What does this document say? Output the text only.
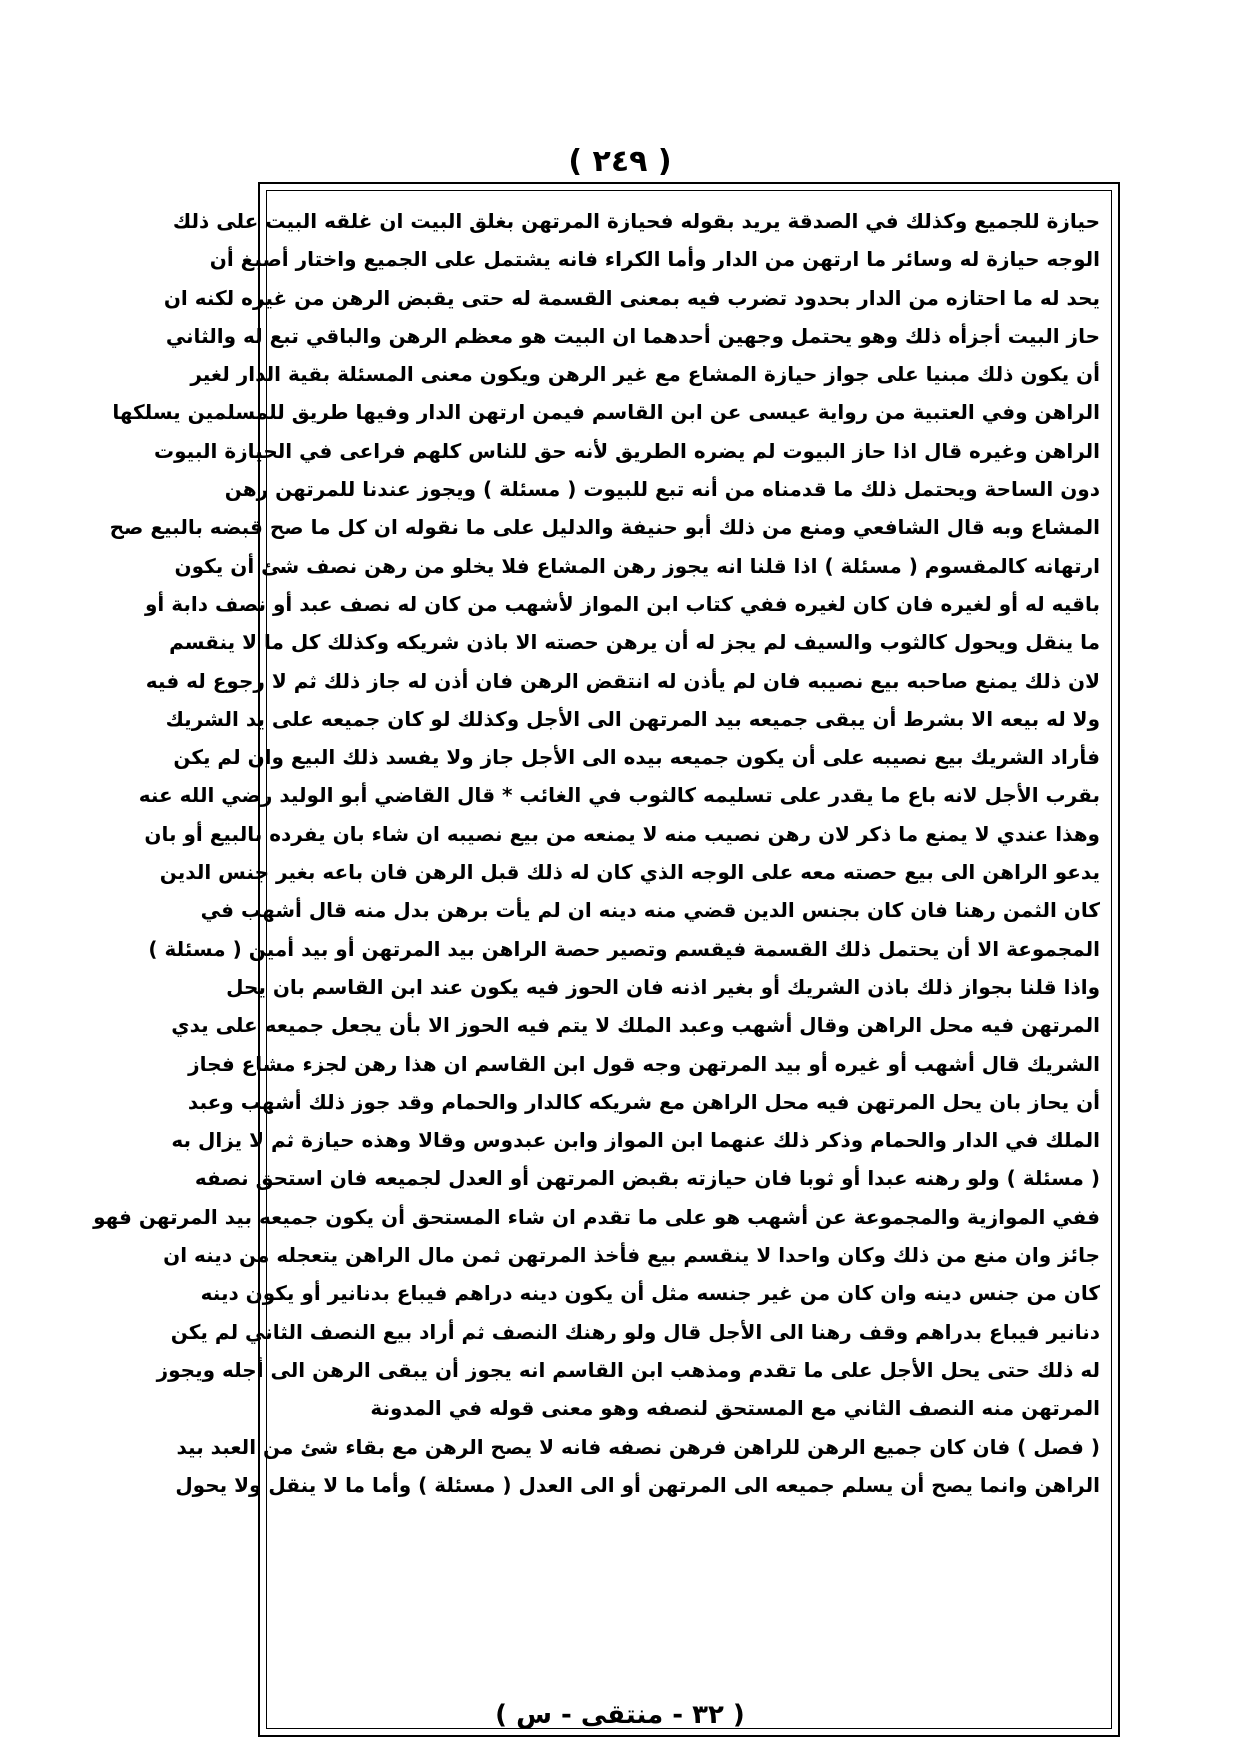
( ٢٤٩ )
حيازة للجميع وكذلك في الصدقة يريد بقوله فحيازة المرتهن بغلق البيت ان غلقه البيت على ذلك
الوجه حيازة له وسائر ما ارتهن من الدار وأما الكراء فانه يشتمل على الجميع واختار أصبغ أن
يحد له ما احتازه من الدار بحدود تضرب فيه بمعنى القسمة له حتى يقبض الرهن من غيره لكنه ان
حاز البيت أجزأه ذلك وهو يحتمل وجهين أحدهما ان البيت هو معظم الرهن والباقي تبع له والثاني
أن يكون ذلك مبنيا على جواز حيازة المشاع مع غير الرهن ويكون معنى المسئلة بقية الدار لغير
الراهن وفي العتبية من رواية عيسى عن ابن القاسم فيمن ارتهن الدار وفيها طريق للمسلمين يسلكها
الراهن وغيره قال اذا حاز البيوت لم يضره الطريق لأنه حق للناس كلهم فراعى في الحيازة البيوت
دون الساحة ويحتمل ذلك ما قدمناه من أنه تبع للبيوت ( مسئلة ) ويجوز عندنا للمرتهن رهن
المشاع وبه قال الشافعي ومنع من ذلك أبو حنيفة والدليل على ما نقوله ان كل ما صح قبضه بالبيع صح
ارتهانه كالمقسوم ( مسئلة ) اذا قلنا انه يجوز رهن المشاع فلا يخلو من رهن نصف شئ أن يكون
باقيه له أو لغيره فان كان لغيره ففي كتاب ابن المواز لأشهب من كان له نصف عبد أو نصف دابة أو
ما ينقل ويحول كالثوب والسيف لم يجز له أن يرهن حصته الا باذن شريكه وكذلك كل ما لا ينقسم
لان ذلك يمنع صاحبه بيع نصيبه فان لم يأذن له انتقض الرهن فان أذن له جاز ذلك ثم لا رجوع له فيه
ولا له بيعه الا بشرط أن يبقى جميعه بيد المرتهن الى الأجل وكذلك لو كان جميعه على يد الشريك
فأراد الشريك بيع نصيبه على أن يكون جميعه بيده الى الأجل جاز ولا يفسد ذلك البيع وان لم يكن
بقرب الأجل لانه باع ما يقدر على تسليمه كالثوب في الغائب * قال القاضي أبو الوليد رضي الله عنه
وهذا عندي لا يمنع ما ذكر لان رهن نصيب منه لا يمنعه من بيع نصيبه ان شاء بان يفرده بالبيع أو بان
يدعو الراهن الى بيع حصته معه على الوجه الذي كان له ذلك قبل الرهن فان باعه بغير جنس الدين
كان الثمن رهنا فان كان بجنس الدين قضي منه دينه ان لم يأت برهن بدل منه قال أشهب في
المجموعة الا أن يحتمل ذلك القسمة فيقسم وتصير حصة الراهن بيد المرتهن أو بيد أمين ( مسئلة )
واذا قلنا بجواز ذلك باذن الشريك أو بغير اذنه فان الحوز فيه يكون عند ابن القاسم بان يحل
المرتهن فيه محل الراهن وقال أشهب وعبد الملك لا يتم فيه الحوز الا بأن يجعل جميعه على يدي
الشريك قال أشهب أو غيره أو بيد المرتهن وجه قول ابن القاسم ان هذا رهن لجزء مشاع فجاز
أن يحاز بان يحل المرتهن فيه محل الراهن مع شريكه كالدار والحمام وقد جوز ذلك أشهب وعبد
الملك في الدار والحمام وذكر ذلك عنهما ابن المواز وابن عبدوس وقالا وهذه حيازة ثم لا يزال به
( مسئلة ) ولو رهنه عبدا أو ثوبا فان حيازته بقبض المرتهن أو العدل لجميعه فان استحق نصفه
ففي الموازية والمجموعة عن أشهب هو على ما تقدم ان شاء المستحق أن يكون جميعه بيد المرتهن فهو
جائز وان منع من ذلك وكان واحدا لا ينقسم بيع فأخذ المرتهن ثمن مال الراهن يتعجله من دينه ان
كان من جنس دينه وان كان من غير جنسه مثل أن يكون دينه دراهم فيباع بدنانير أو يكون دينه
دنانير فيباع بدراهم وقف رهنا الى الأجل قال ولو رهنك النصف ثم أراد بيع النصف الثاني لم يكن
له ذلك حتى يحل الأجل على ما تقدم ومذهب ابن القاسم انه يجوز أن يبقى الرهن الى أجله ويجوز
المرتهن منه النصف الثاني مع المستحق لنصفه وهو معنى قوله في المدونة
( فصل ) فان كان جميع الرهن للراهن فرهن نصفه فانه لا يصح الرهن مع بقاء شئ من العبد بيد
الراهن وانما يصح أن يسلم جميعه الى المرتهن أو الى العدل ( مسئلة ) وأما ما لا ينقل ولا يحول
( ٣٢ - منتقى - س )
